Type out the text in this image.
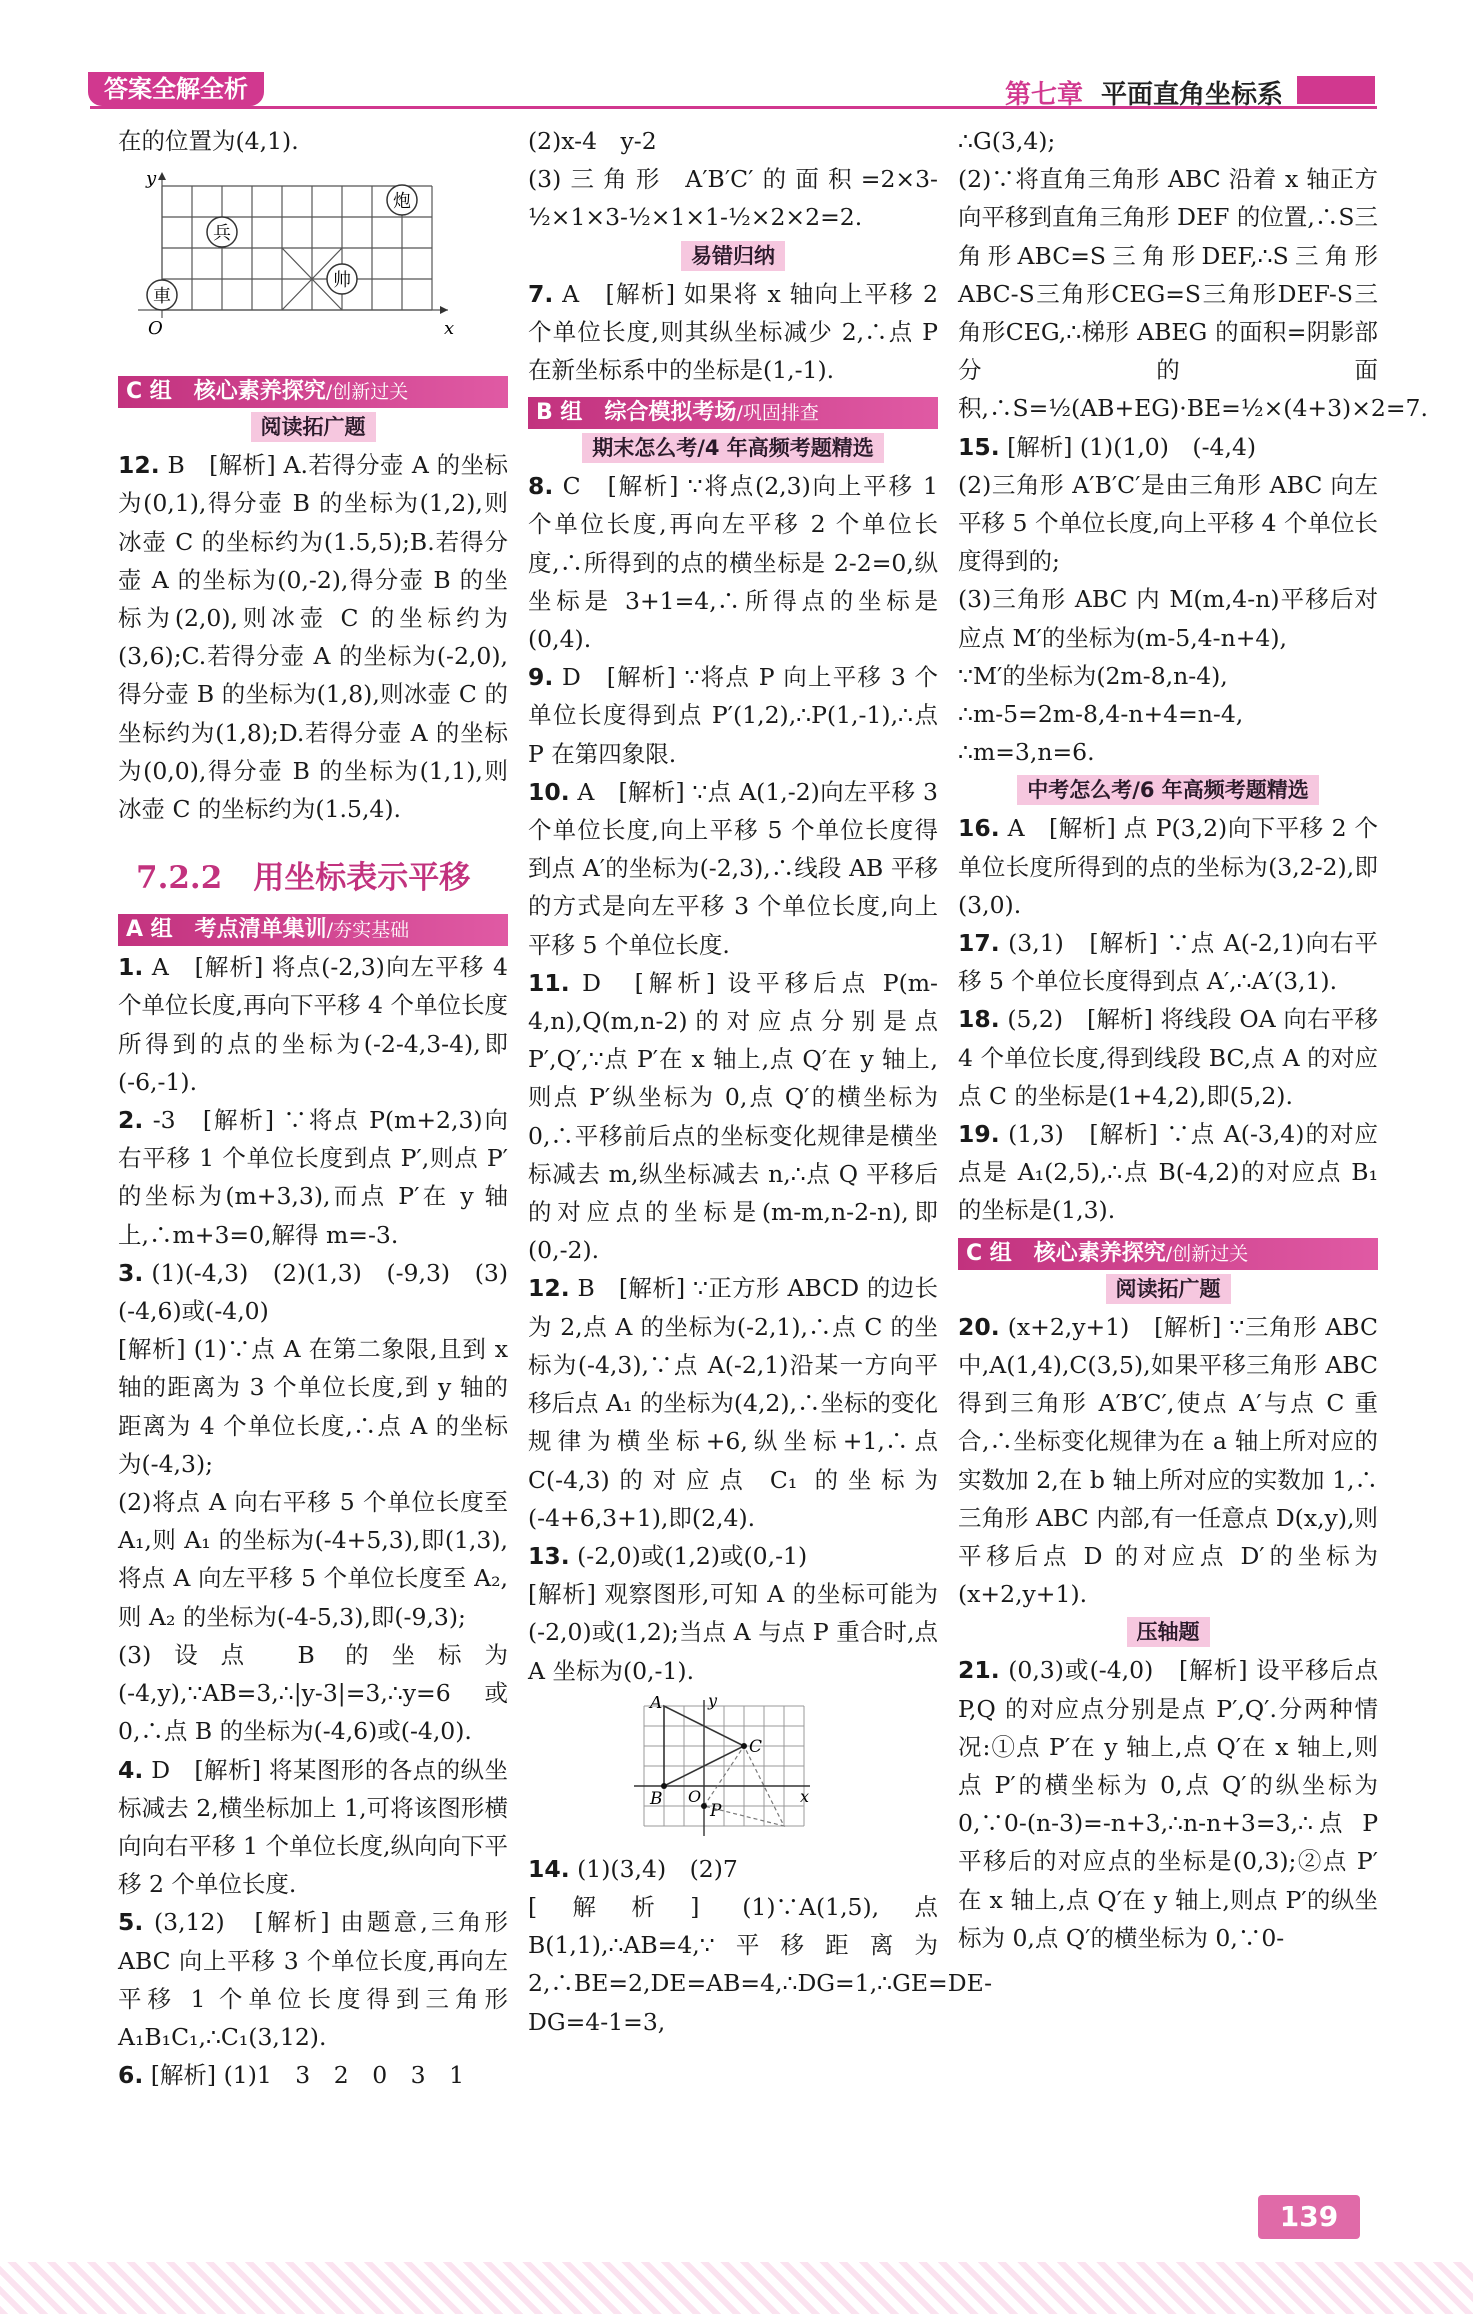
答案全解全析	第七章 平面直角坐标系

在的位置为(4,1).

y
x
O
兵
炮
帅
車
C 组　核心素养探究/创新过关
阅读拓广题

12. B　[解析] A.若得分壶 A 的坐标为(0,1),得分壶 B 的坐标为(1,2),则冰壶 C 的坐标约为(1.5,5);B.若得分壶 A 的坐标为(0,-2),得分壶 B 的坐标为(2,0),则冰壶 C 的坐标约为(3,6);C.若得分壶 A 的坐标为(-2,0),得分壶 B 的坐标为(1,8),则冰壶 C 的坐标约为(1,8);D.若得分壶 A 的坐标为(0,0),得分壶 B 的坐标为(1,1),则冰壶 C 的坐标约为(1.5,4).

7.2.2　用坐标表示平移
A 组　考点清单集训/夯实基础

1. A　[解析] 将点(-2,3)向左平移 4 个单位长度,再向下平移 4 个单位长度所得到的点的坐标为(-2-4,3-4),即(-6,-1).

2. -3　[解析] ∵将点 P(m+2,3)向右平移 1 个单位长度到点 P′,则点 P′的坐标为(m+3,3),而点 P′在 y 轴上,∴m+3=0,解得 m=-3.

3. (1)(-4,3)　(2)(1,3)　(-9,3)　(3)(-4,6)或(-4,0)

[解析] (1)∵点 A 在第二象限,且到 x 轴的距离为 3 个单位长度,到 y 轴的距离为 4 个单位长度,∴点 A 的坐标为(-4,3);

(2)将点 A 向右平移 5 个单位长度至 A₁,则 A₁ 的坐标为(-4+5,3),即(1,3),将点 A 向左平移 5 个单位长度至 A₂,则 A₂ 的坐标为(-4-5,3),即(-9,3);

(3)设点 B 的坐标为(-4,y),∵AB=3,∴|y-3|=3,∴y=6 或 0,∴点 B 的坐标为(-4,6)或(-4,0).

4. D　[解析] 将某图形的各点的纵坐标减去 2,横坐标加上 1,可将该图形横向向右平移 1 个单位长度,纵向向下平移 2 个单位长度.

5. (3,12)　[解析] 由题意,三角形 ABC 向上平移 3 个单位长度,再向左平移 1 个单位长度得到三角形 A₁B₁C₁,∴C₁(3,12).

6. [解析] (1)1　3　2　0　3　1

(2)x-4　y-2

(3)三角形 A′B′C′的面积=2×3-½×1×3-½×1×1-½×2×2=2.

易错归纳

7. A　[解析] 如果将 x 轴向上平移 2 个单位长度,则其纵坐标减少 2,∴点 P 在新坐标系中的坐标是(1,-1).

B 组　综合模拟考场/巩固排查
期末怎么考/4 年高频考题精选

8. C　[解析] ∵将点(2,3)向上平移 1 个单位长度,再向左平移 2 个单位长度,∴所得到的点的横坐标是 2-2=0,纵坐标是 3+1=4,∴所得点的坐标是(0,4).

9. D　[解析] ∵将点 P 向上平移 3 个单位长度得到点 P′(1,2),∴P(1,-1),∴点 P 在第四象限.

10. A　[解析] ∵点 A(1,-2)向左平移 3 个单位长度,向上平移 5 个单位长度得到点 A′的坐标为(-2,3),∴线段 AB 平移的方式是向左平移 3 个单位长度,向上平移 5 个单位长度.

11. D　[解析] 设平移后点 P(m-4,n),Q(m,n-2)的对应点分别是点 P′,Q′,∵点 P′在 x 轴上,点 Q′在 y 轴上,则点 P′纵坐标为 0,点 Q′的横坐标为 0,∴平移前后点的坐标变化规律是横坐标减去 m,纵坐标减去 n,∴点 Q 平移后的对应点的坐标是(m-m,n-2-n),即(0,-2).

12. B　[解析] ∵正方形 ABCD 的边长为 2,点 A 的坐标为(-2,1),∴点 C 的坐标为(-4,3),∵点 A(-2,1)沿某一方向平移后点 A₁ 的坐标为(4,2),∴坐标的变化规律为横坐标+6,纵坐标+1,∴点 C(-4,3)的对应点 C₁ 的坐标为(-4+6,3+1),即(2,4).

13. (-2,0)或(1,2)或(0,-1)

[解析] 观察图形,可知 A 的坐标可能为(-2,0)或(1,2);当点 A 与点 P 重合时,点 A 坐标为(0,-1).

A	y
C
B O
P
x

14. (1)(3,4)　(2)7

[解析] (1)∵A(1,5),点 B(1,1),∴AB=4,∵平移距离为 2,∴BE=2,DE=AB=4,∴DG=1,∴GE=DE-DG=4-1=3,

∴G(3,4);

(2)∵将直角三角形 ABC 沿着 x 轴正方向平移到直角三角形 DEF 的位置,∴S三角形ABC=S三角形DEF,∴S三角形ABC-S三角形CEG=S三角形DEF-S三角形CEG,∴梯形 ABEG 的面积=阴影部分的面积,∴S=½(AB+EG)·BE=½×(4+3)×2=7.

15. [解析] (1)(1,0)　(-4,4)

(2)三角形 A′B′C′是由三角形 ABC 向左平移 5 个单位长度,向上平移 4 个单位长度得到的;

(3)三角形 ABC 内 M(m,4-n)平移后对应点 M′的坐标为(m-5,4-n+4),

∵M′的坐标为(2m-8,n-4),

∴m-5=2m-8,4-n+4=n-4,

∴m=3,n=6.

中考怎么考/6 年高频考题精选

16. A　[解析] 点 P(3,2)向下平移 2 个单位长度所得到的点的坐标为(3,2-2),即(3,0).

17. (3,1)　[解析] ∵点 A(-2,1)向右平移 5 个单位长度得到点 A′,∴A′(3,1).

18. (5,2)　[解析] 将线段 OA 向右平移 4 个单位长度,得到线段 BC,点 A 的对应点 C 的坐标是(1+4,2),即(5,2).

19. (1,3)　[解析] ∵点 A(-3,4)的对应点是 A₁(2,5),∴点 B(-4,2)的对应点 B₁ 的坐标是(1,3).

C 组　核心素养探究/创新过关
阅读拓广题

20. (x+2,y+1)　[解析] ∵三角形 ABC 中,A(1,4),C(3,5),如果平移三角形 ABC 得到三角形 A′B′C′,使点 A′与点 C 重合,∴坐标变化规律为在 a 轴上所对应的实数加 2,在 b 轴上所对应的实数加 1,∴三角形 ABC 内部,有一任意点 D(x,y),则平移后点 D 的对应点 D′的坐标为(x+2,y+1).

压轴题

21. (0,3)或(-4,0)　[解析] 设平移后点 P,Q 的对应点分别是点 P′,Q′.分两种情况:①点 P′在 y 轴上,点 Q′在 x 轴上,则点 P′的横坐标为 0,点 Q′的纵坐标为 0,∵0-(n-3)=-n+3,∴n-n+3=3,∴点 P 平移后的对应点的坐标是(0,3);②点 P′在 x 轴上,点 Q′在 y 轴上,则点 P′的纵坐标为 0,点 Q′的横坐标为 0,∵0-

139
